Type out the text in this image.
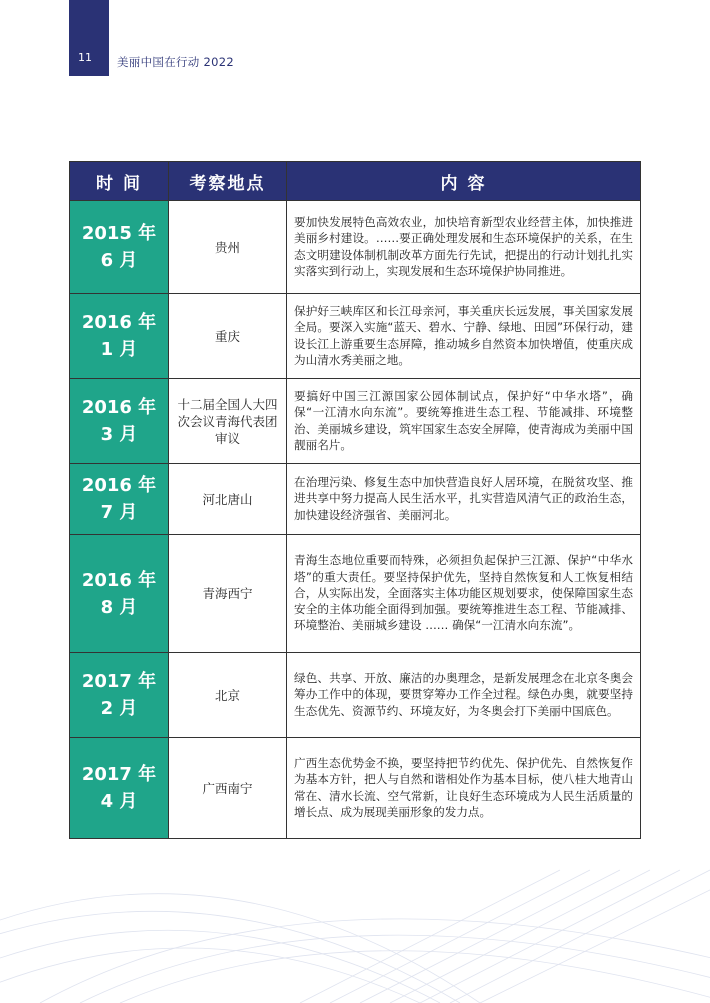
11 美丽中国在行动 2022
时 间	考察地点	内 容

2015 年
6 月	贵州	要加快发展特色高效农业，加快培育新型农业经营主体，加快推进美丽乡村建设。……要正确处理发展和生态环境保护的关系，在生态文明建设体制机制改革方面先行先试，把提出的行动计划扎扎实实落实到行动上，实现发展和生态环境保护协同推进。

2016 年
1 月	重庆	保护好三峡库区和长江母亲河，事关重庆长远发展，事关国家发展全局。要深入实施“蓝天、碧水、宁静、绿地、田园”环保行动，建设长江上游重要生态屏障，推动城乡自然资本加快增值，使重庆成为山清水秀美丽之地。

2016 年
3 月	十二届全国人大四次会议青海代表团审议	要搞好中国三江源国家公园体制试点，保护好“中华水塔”，确保“一江清水向东流”。要统筹推进生态工程、节能减排、环境整治、美丽城乡建设，筑牢国家生态安全屏障，使青海成为美丽中国靓丽名片。

2016 年
7 月	河北唐山	在治理污染、修复生态中加快营造良好人居环境，在脱贫攻坚、推进共享中努力提高人民生活水平，扎实营造风清气正的政治生态，加快建设经济强省、美丽河北。

2016 年
8 月	青海西宁	青海生态地位重要而特殊，必须担负起保护三江源、保护“中华水塔”的重大责任。要坚持保护优先，坚持自然恢复和人工恢复相结合，从实际出发，全面落实主体功能区规划要求，使保障国家生态安全的主体功能全面得到加强。要统筹推进生态工程、节能减排、环境整治、美丽城乡建设 …… 确保“一江清水向东流”。

2017 年
2 月	北京	绿色、共享、开放、廉洁的办奥理念，是新发展理念在北京冬奥会筹办工作中的体现，要贯穿筹办工作全过程。绿色办奥，就要坚持生态优先、资源节约、环境友好，为冬奥会打下美丽中国底色。

2017 年
4 月	广西南宁	广西生态优势金不换，要坚持把节约优先、保护优先、自然恢复作为基本方针，把人与自然和谐相处作为基本目标，使八桂大地青山常在、清水长流、空气常新，让良好生态环境成为人民生活质量的增长点、成为展现美丽形象的发力点。
